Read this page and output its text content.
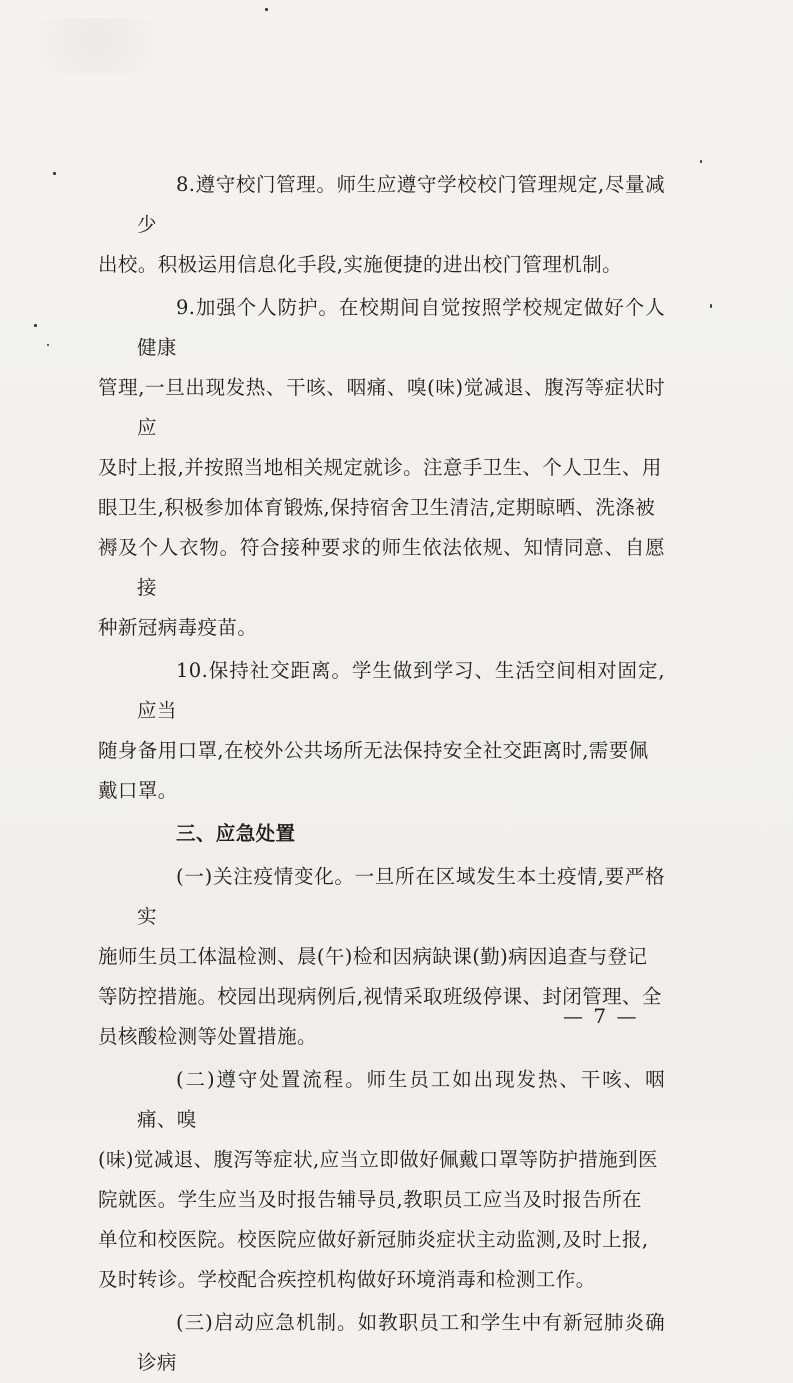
8.遵守校门管理。师生应遵守学校校门管理规定,尽量减少
出校。积极运用信息化手段,实施便捷的进出校门管理机制。

9.加强个人防护。在校期间自觉按照学校规定做好个人健康
管理,一旦出现发热、干咳、咽痛、嗅(味)觉减退、腹泻等症状时应
及时上报,并按照当地相关规定就诊。注意手卫生、个人卫生、用
眼卫生,积极参加体育锻炼,保持宿舍卫生清洁,定期晾晒、洗涤被
褥及个人衣物。符合接种要求的师生依法依规、知情同意、自愿接
种新冠病毒疫苗。

10.保持社交距离。学生做到学习、生活空间相对固定,应当
随身备用口罩,在校外公共场所无法保持安全社交距离时,需要佩
戴口罩。

三、应急处置

(一)关注疫情变化。一旦所在区域发生本土疫情,要严格实
施师生员工体温检测、晨(午)检和因病缺课(勤)病因追查与登记
等防控措施。校园出现病例后,视情采取班级停课、封闭管理、全
员核酸检测等处置措施。

(二)遵守处置流程。师生员工如出现发热、干咳、咽痛、嗅
(味)觉减退、腹泻等症状,应当立即做好佩戴口罩等防护措施到医
院就医。学生应当及时报告辅导员,教职员工应当及时报告所在
单位和校医院。校医院应做好新冠肺炎症状主动监测,及时上报,
及时转诊。学校配合疾控机构做好环境消毒和检测工作。

(三)启动应急机制。如教职员工和学生中有新冠肺炎确诊病

— 7 —
